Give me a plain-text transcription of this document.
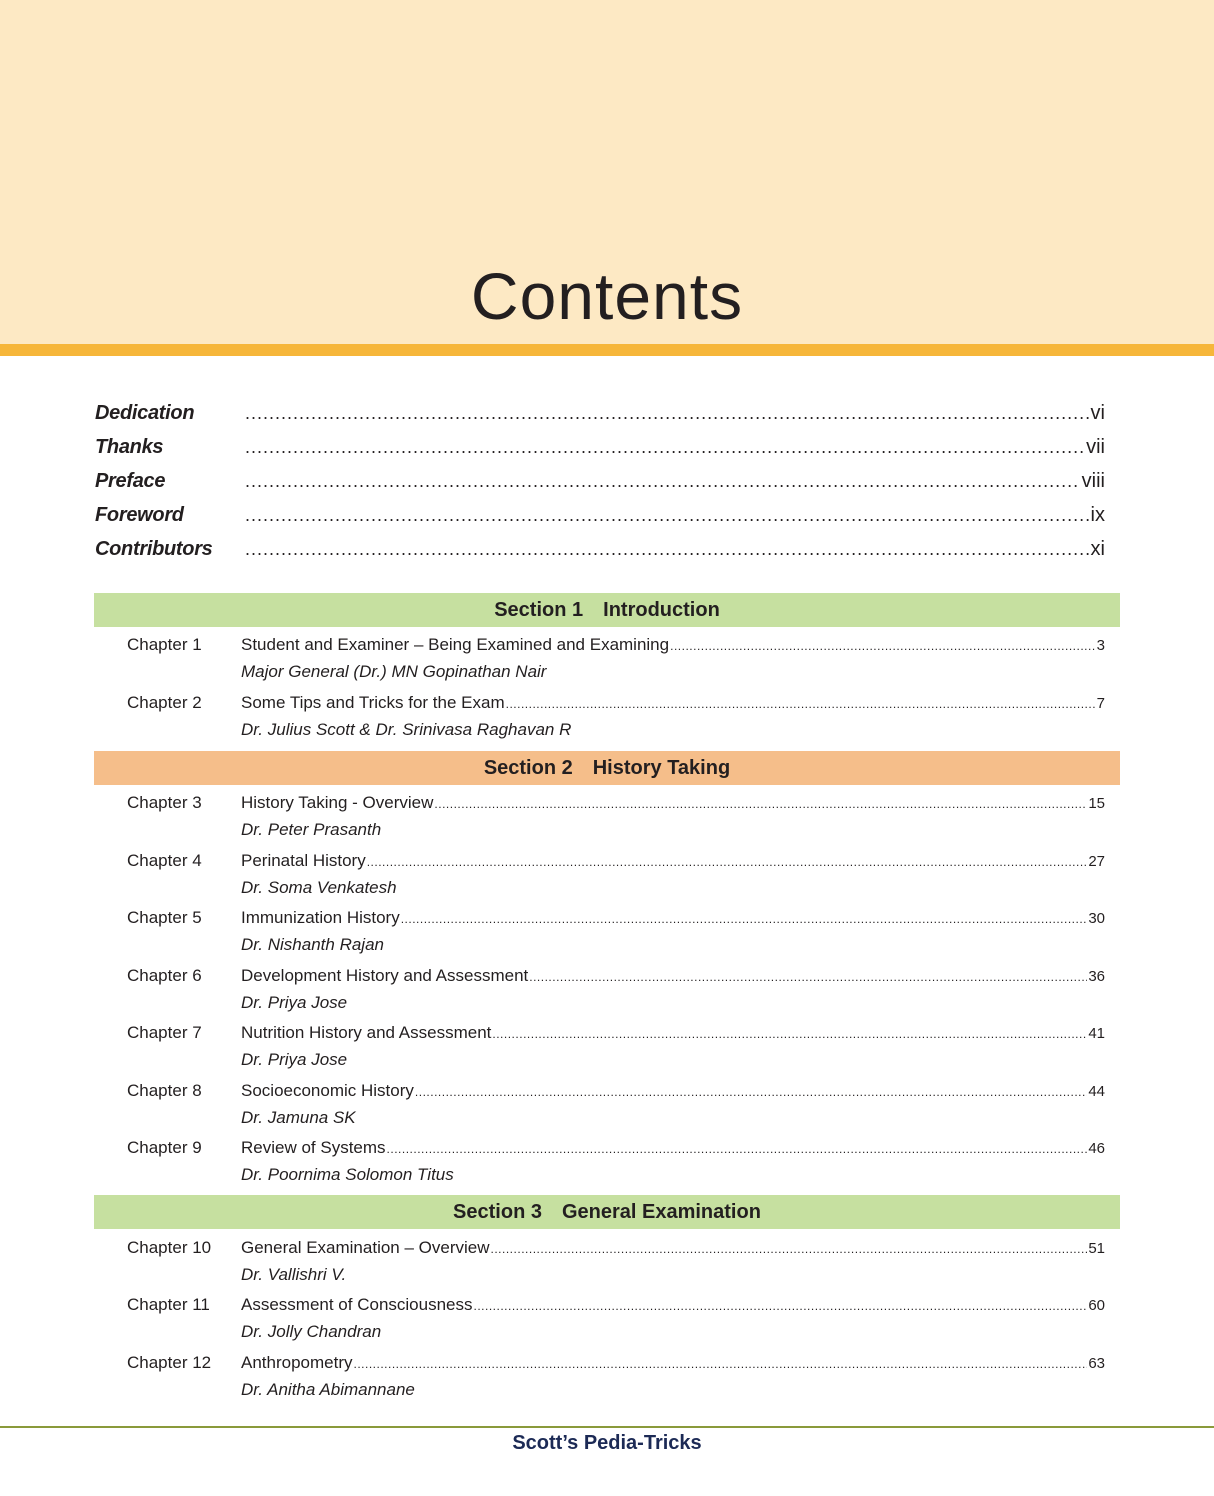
Contents
Dedication .....	vi
Thanks .....	vii
Preface .....	viii
Foreword .....	ix
Contributors .....	xi
Section 1 Introduction
Chapter 1	Student and Examiner – Being Examined and Examining .....	3
Major General (Dr.) MN Gopinathan Nair
Chapter 2	Some Tips and Tricks for the Exam .....	7
Dr. Julius Scott & Dr. Srinivasa Raghavan R
Section 2 History Taking
Chapter 3	History Taking - Overview .....	15
Dr. Peter Prasanth
Chapter 4	Perinatal History .....	27
Dr. Soma Venkatesh
Chapter 5	Immunization History .....	30
Dr. Nishanth Rajan
Chapter 6	Development History and Assessment .....	36
Dr. Priya Jose
Chapter 7	Nutrition History and Assessment .....	41
Dr. Priya Jose
Chapter 8	Socioeconomic History .....	44
Dr. Jamuna SK
Chapter 9	Review of Systems .....	46
Dr. Poornima Solomon Titus
Section 3 General Examination
Chapter 10	General Examination – Overview .....	51
Dr. Vallishri V.
Chapter 11	Assessment of Consciousness .....	60
Dr. Jolly Chandran
Chapter 12	Anthropometry .....	63
Dr. Anitha Abimannane
Scott’s Pedia-Tricks
